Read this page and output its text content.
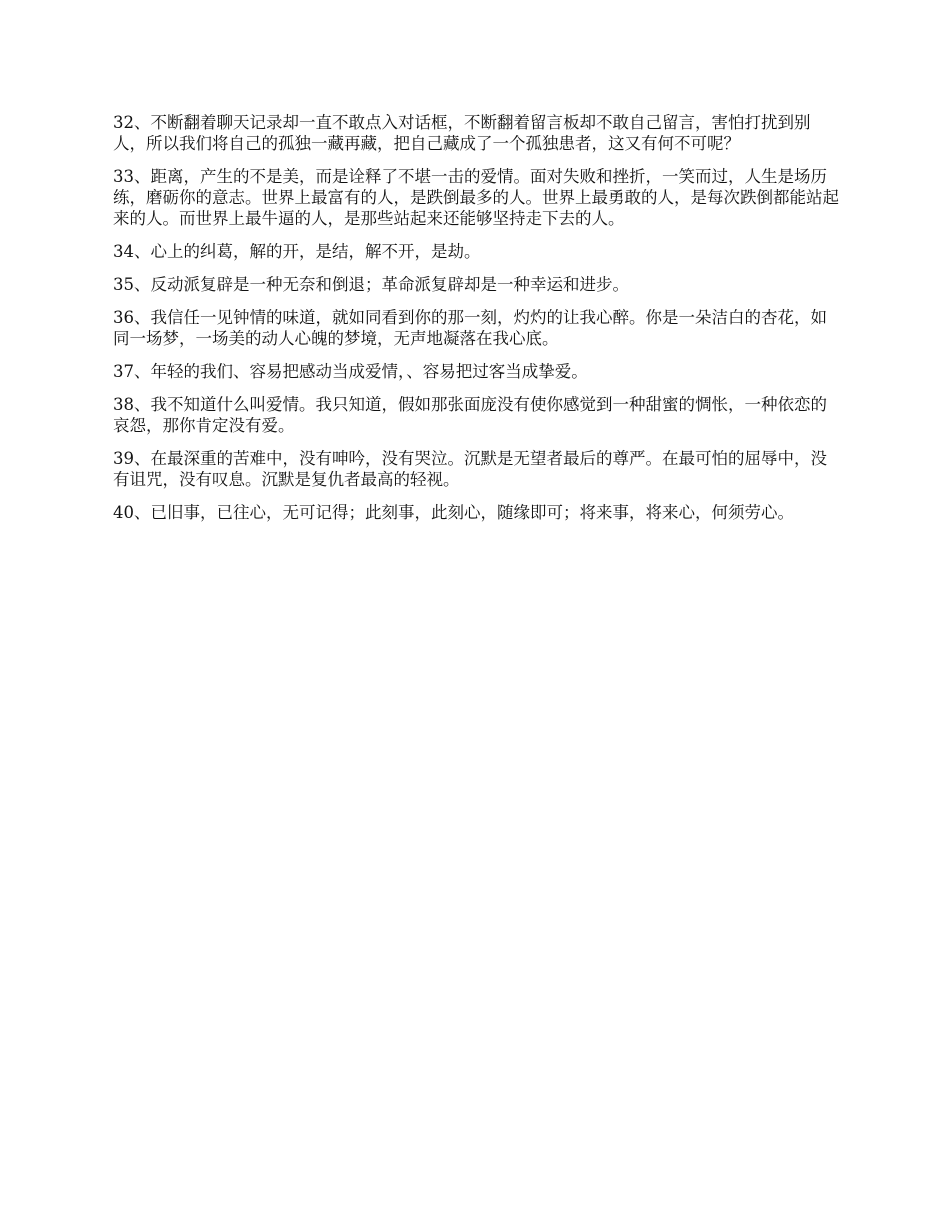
32、不断翻着聊天记录却一直不敢点入对话框，不断翻着留言板却不敢自己留言，害怕打扰到别人，所以我们将自己的孤独一藏再藏，把自己藏成了一个孤独患者，这又有何不可呢？

33、距离，产生的不是美，而是诠释了不堪一击的爱情。面对失败和挫折，一笑而过，人生是场历练，磨砺你的意志。世界上最富有的人，是跌倒最多的人。世界上最勇敢的人，是每次跌倒都能站起来的人。而世界上最牛逼的人，是那些站起来还能够坚持走下去的人。

34、心上的纠葛，解的开，是结，解不开，是劫。

35、反动派复辟是一种无奈和倒退；革命派复辟却是一种幸运和进步。

36、我信任一见钟情的味道，就如同看到你的那一刻，灼灼的让我心醉。你是一朵洁白的杏花，如同一场梦，一场美的动人心魄的梦境，无声地凝落在我心底。

37、年轻的我们、容易把感动当成爱情，、容易把过客当成挚爱。

38、我不知道什么叫爱情。我只知道，假如那张面庞没有使你感觉到一种甜蜜的惆怅，一种依恋的哀怨，那你肯定没有爱。

39、在最深重的苦难中，没有呻吟，没有哭泣。沉默是无望者最后的尊严。在最可怕的屈辱中，没有诅咒，没有叹息。沉默是复仇者最高的轻视。

40、已旧事，已往心，无可记得；此刻事，此刻心，随缘即可；将来事，将来心，何须劳心。
